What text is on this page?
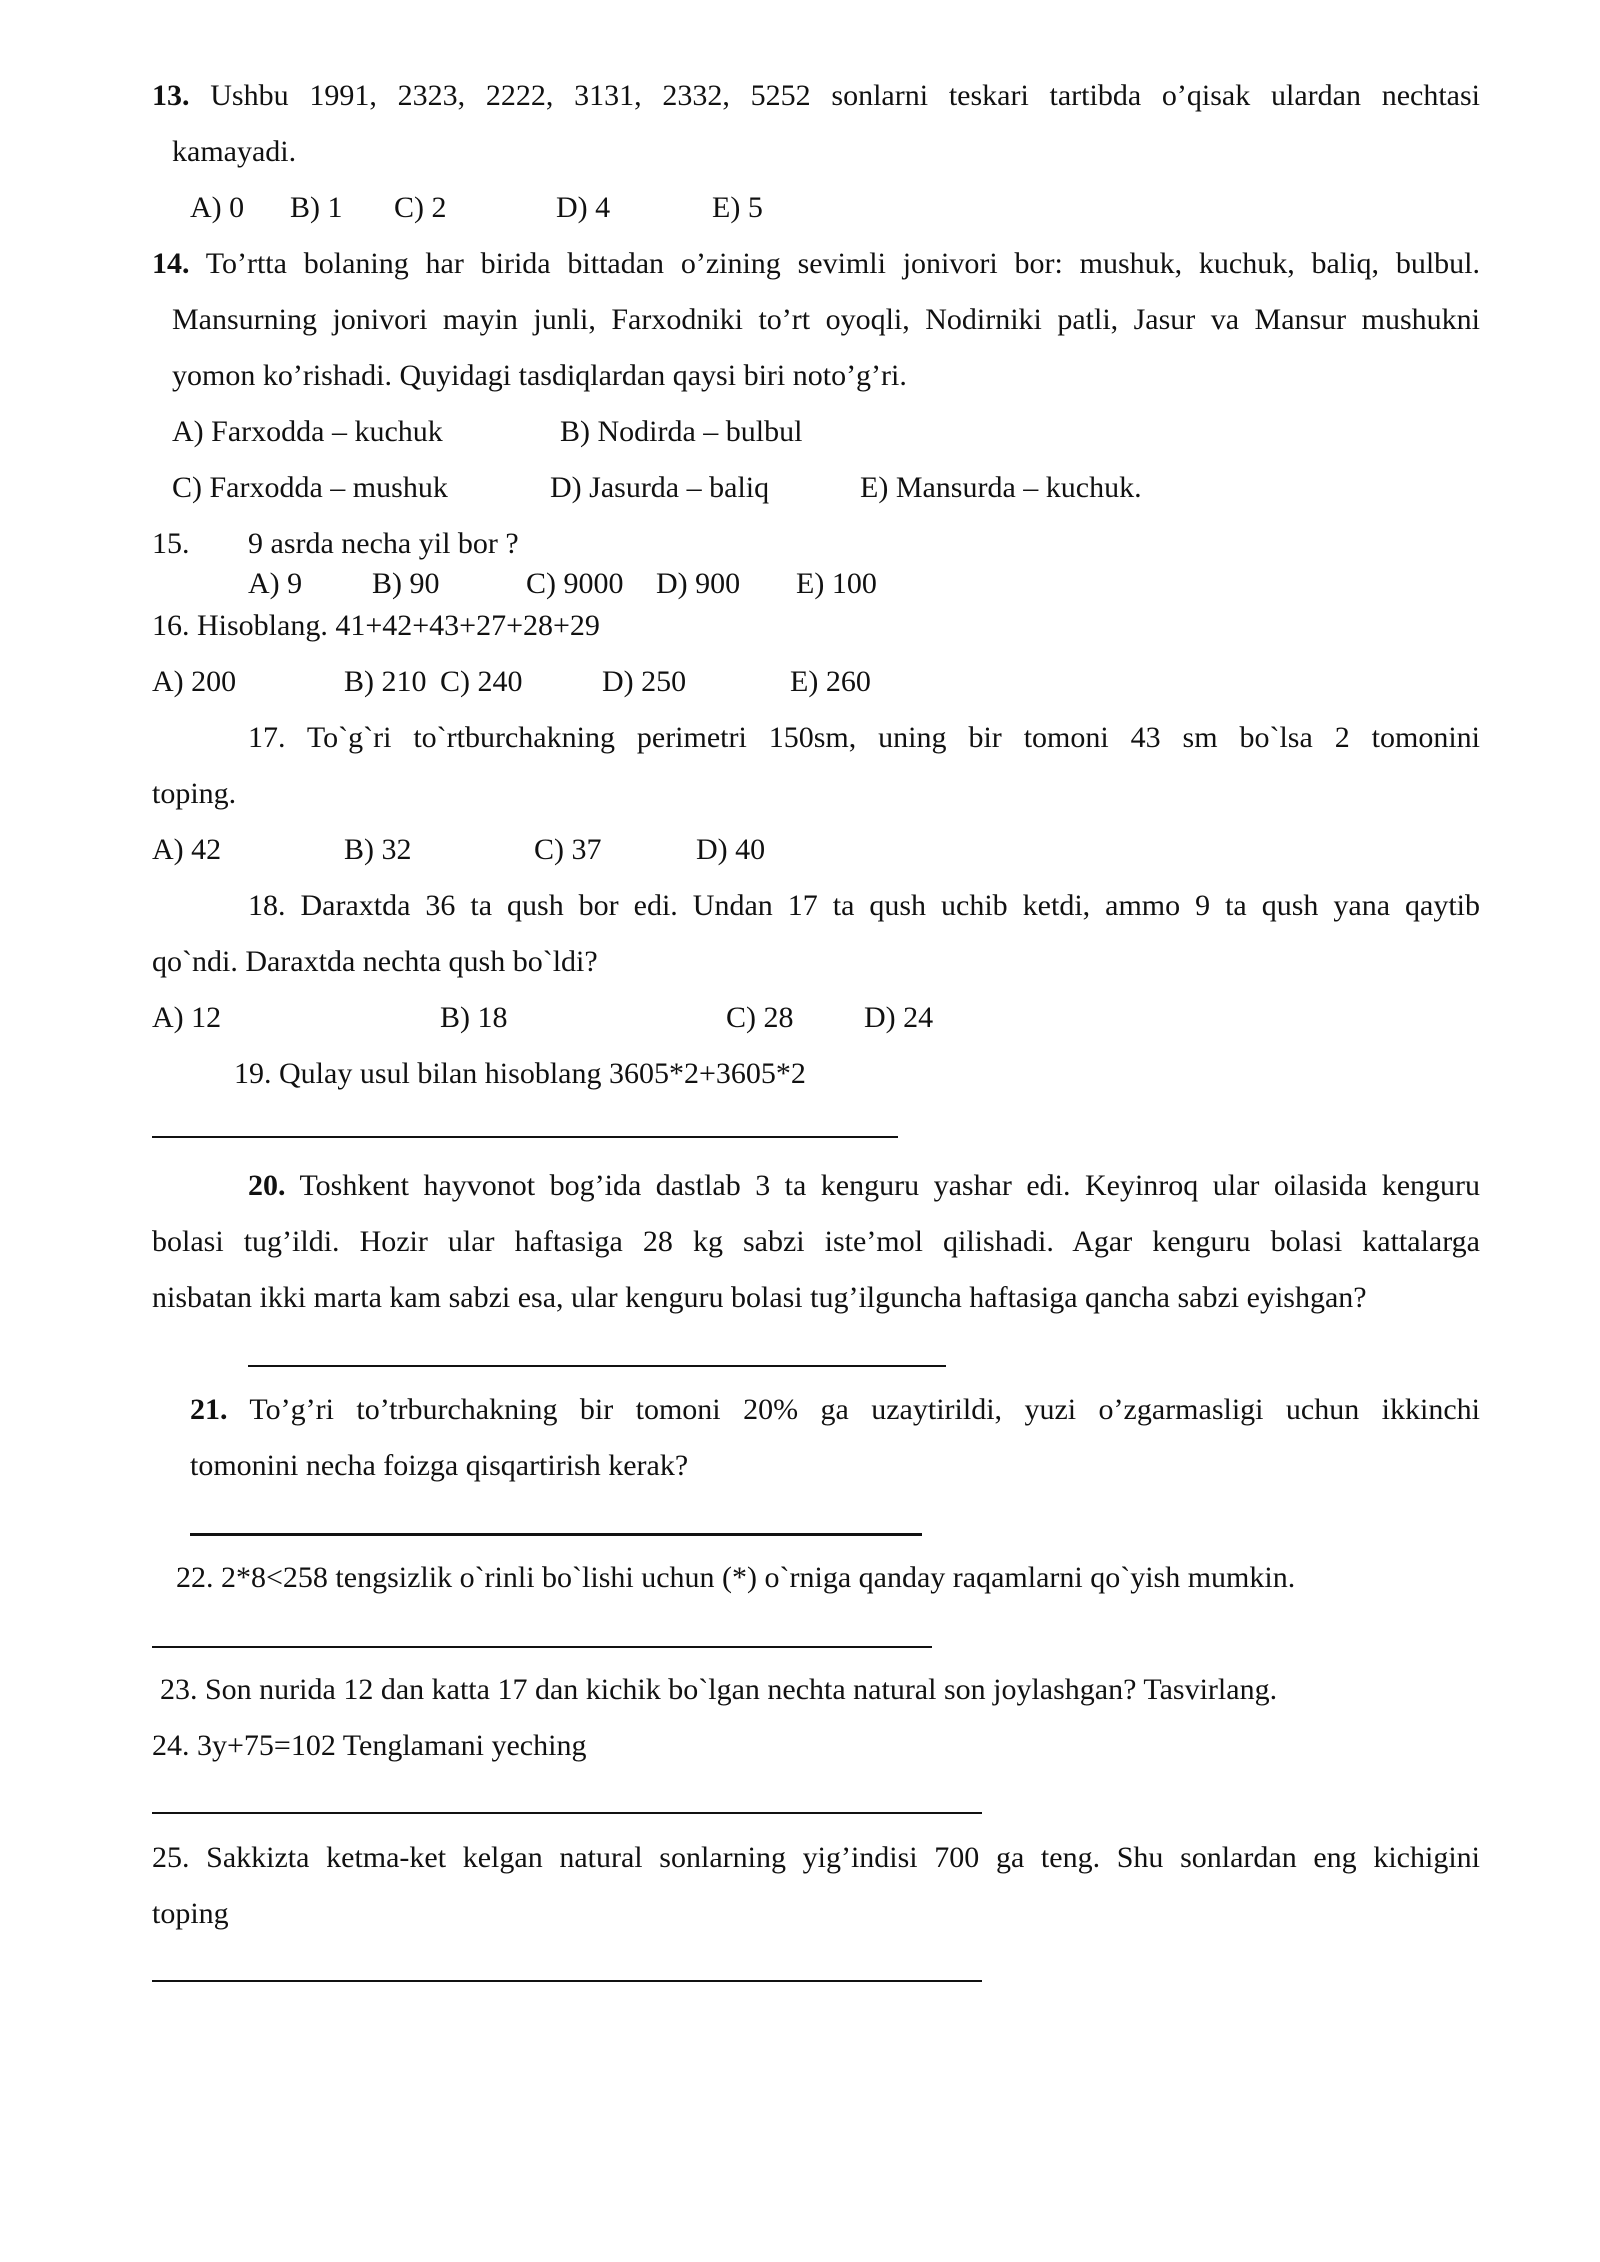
13. Ushbu 1991, 2323, 2222, 3131, 2332, 5252 sonlarni teskari tartibda o’qisak ulardan nechtasi
kamayadi.
A) 0 B) 1 C) 2	D) 4	E) 5
14. To’rtta bolaning har birida bittadan o’zining sevimli jonivori bor: mushuk, kuchuk, baliq, bulbul.
Mansurning jonivori mayin junli, Farxodniki to’rt oyoqli, Nodirniki patli, Jasur va Mansur mushukni
yomon ko’rishadi. Quyidagi tasdiqlardan qaysi biri noto’g’ri.
A) Farxodda – kuchuk	B) Nodirda – bulbul
C) Farxodda – mushuk	D) Jasurda – baliq	E) Mansurda – kuchuk.
15. 9 asrda necha yil bor ?
A) 9 B) 90	C) 9000 D) 900 E) 100
16. Hisoblang. 41+42+43+27+28+29
A) 200	B) 210 C) 240	D) 250	E) 260
17. To`g`ri to`rtburchakning perimetri 150sm, uning bir tomoni 43 sm bo`lsa 2 tomonini
toping.
A) 42	B) 32	C) 37	D) 40
18. Daraxtda 36 ta qush bor edi. Undan 17 ta qush uchib ketdi, ammo 9 ta qush yana qaytib
qo`ndi. Daraxtda nechta qush bo`ldi?
A) 12	B) 18	C) 28 D) 24
19. Qulay usul bilan hisoblang 3605*2+3605*2
20. Toshkent hayvonot bog’ida dastlab 3 ta kenguru yashar edi. Keyinroq ular oilasida kenguru
bolasi tug’ildi. Hozir ular haftasiga 28 kg sabzi iste’mol qilishadi. Agar kenguru bolasi kattalarga
nisbatan ikki marta kam sabzi esa, ular kenguru bolasi tug’ilguncha haftasiga qancha sabzi eyishgan?
21. To’g’ri to’trburchakning bir tomoni 20% ga uzaytirildi, yuzi o’zgarmasligi uchun ikkinchi
tomonini necha foizga qisqartirish kerak?
22. 2*8<258 tengsizlik o`rinli bo`lishi uchun (*) o`rniga qanday raqamlarni qo`yish mumkin.
23. Son nurida 12 dan katta 17 dan kichik bo`lgan nechta natural son joylashgan? Tasvirlang.
24. 3y+75=102 Tenglamani yeching
25. Sakkizta ketma-ket kelgan natural sonlarning yig’indisi 700 ga teng. Shu sonlardan eng kichigini
toping
